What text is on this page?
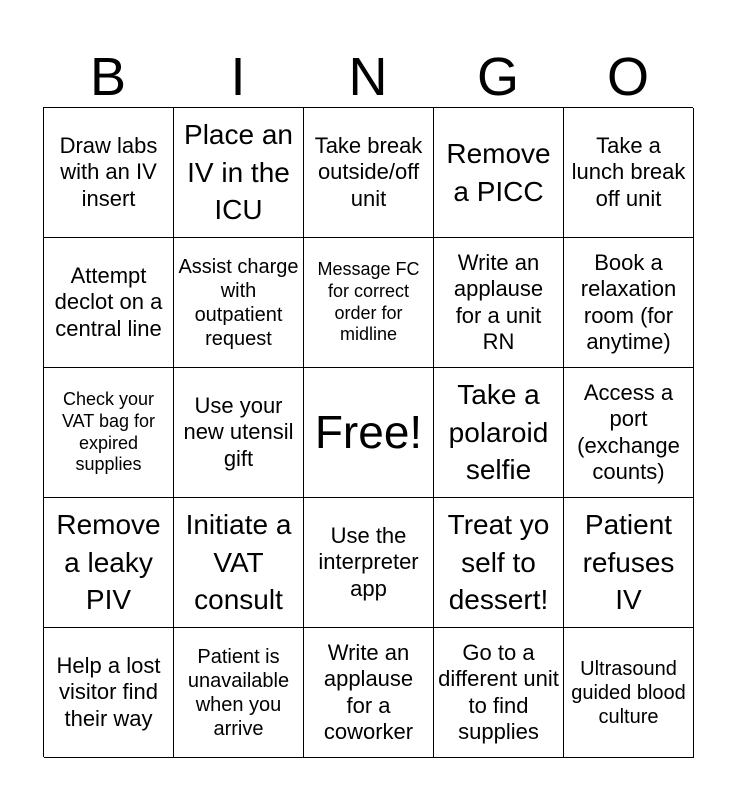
B	I	N	G	O
Draw labs with an IV insert
Place an IV in the ICU
Take break outside/off unit
Remove a PICC
Take a lunch break off unit
Attempt declot on a central line
Assist charge with outpatient request
Message FC for correct order for midline
Write an applause for a unit RN
Book a relaxation room (for anytime)
Check your VAT bag for expired supplies
Use your new utensil gift
Free!
Take a polaroid selfie
Access a port (exchange counts)
Remove a leaky PIV
Initiate a VAT consult
Use the interpreter app
Treat yo self to dessert!
Patient refuses IV
Help a lost visitor find their way
Patient is unavailable when you arrive
Write an applause for a coworker
Go to a different unit to find supplies
Ultrasound guided blood culture
